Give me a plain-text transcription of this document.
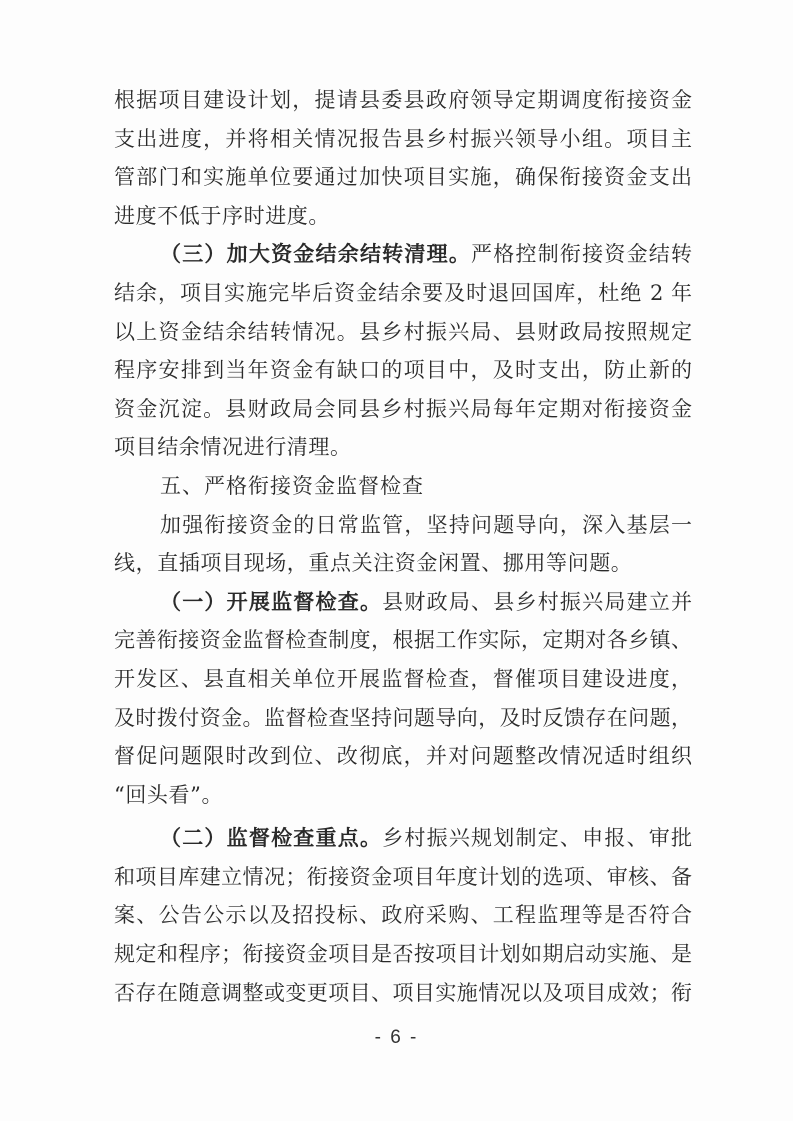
根据项目建设计划，提请县委县政府领导定期调度衔接资金
支出进度，并将相关情况报告县乡村振兴领导小组。项目主
管部门和实施单位要通过加快项目实施，确保衔接资金支出
进度不低于序时进度。
（三）加大资金结余结转清理。严格控制衔接资金结转
结余，项目实施完毕后资金结余要及时退回国库，杜绝 2 年
以上资金结余结转情况。县乡村振兴局、县财政局按照规定
程序安排到当年资金有缺口的项目中，及时支出，防止新的
资金沉淀。县财政局会同县乡村振兴局每年定期对衔接资金
项目结余情况进行清理。
五、严格衔接资金监督检查
加强衔接资金的日常监管，坚持问题导向，深入基层一
线，直插项目现场，重点关注资金闲置、挪用等问题。
（一）开展监督检查。县财政局、县乡村振兴局建立并
完善衔接资金监督检查制度，根据工作实际，定期对各乡镇、
开发区、县直相关单位开展监督检查，督催项目建设进度，
及时拨付资金。监督检查坚持问题导向，及时反馈存在问题，
督促问题限时改到位、改彻底，并对问题整改情况适时组织
“回头看”。
（二）监督检查重点。乡村振兴规划制定、申报、审批
和项目库建立情况；衔接资金项目年度计划的选项、审核、备
案、公告公示以及招投标、政府采购、工程监理等是否符合
规定和程序；衔接资金项目是否按项目计划如期启动实施、是
否存在随意调整或变更项目、项目实施情况以及项目成效；衔
- 6 -
